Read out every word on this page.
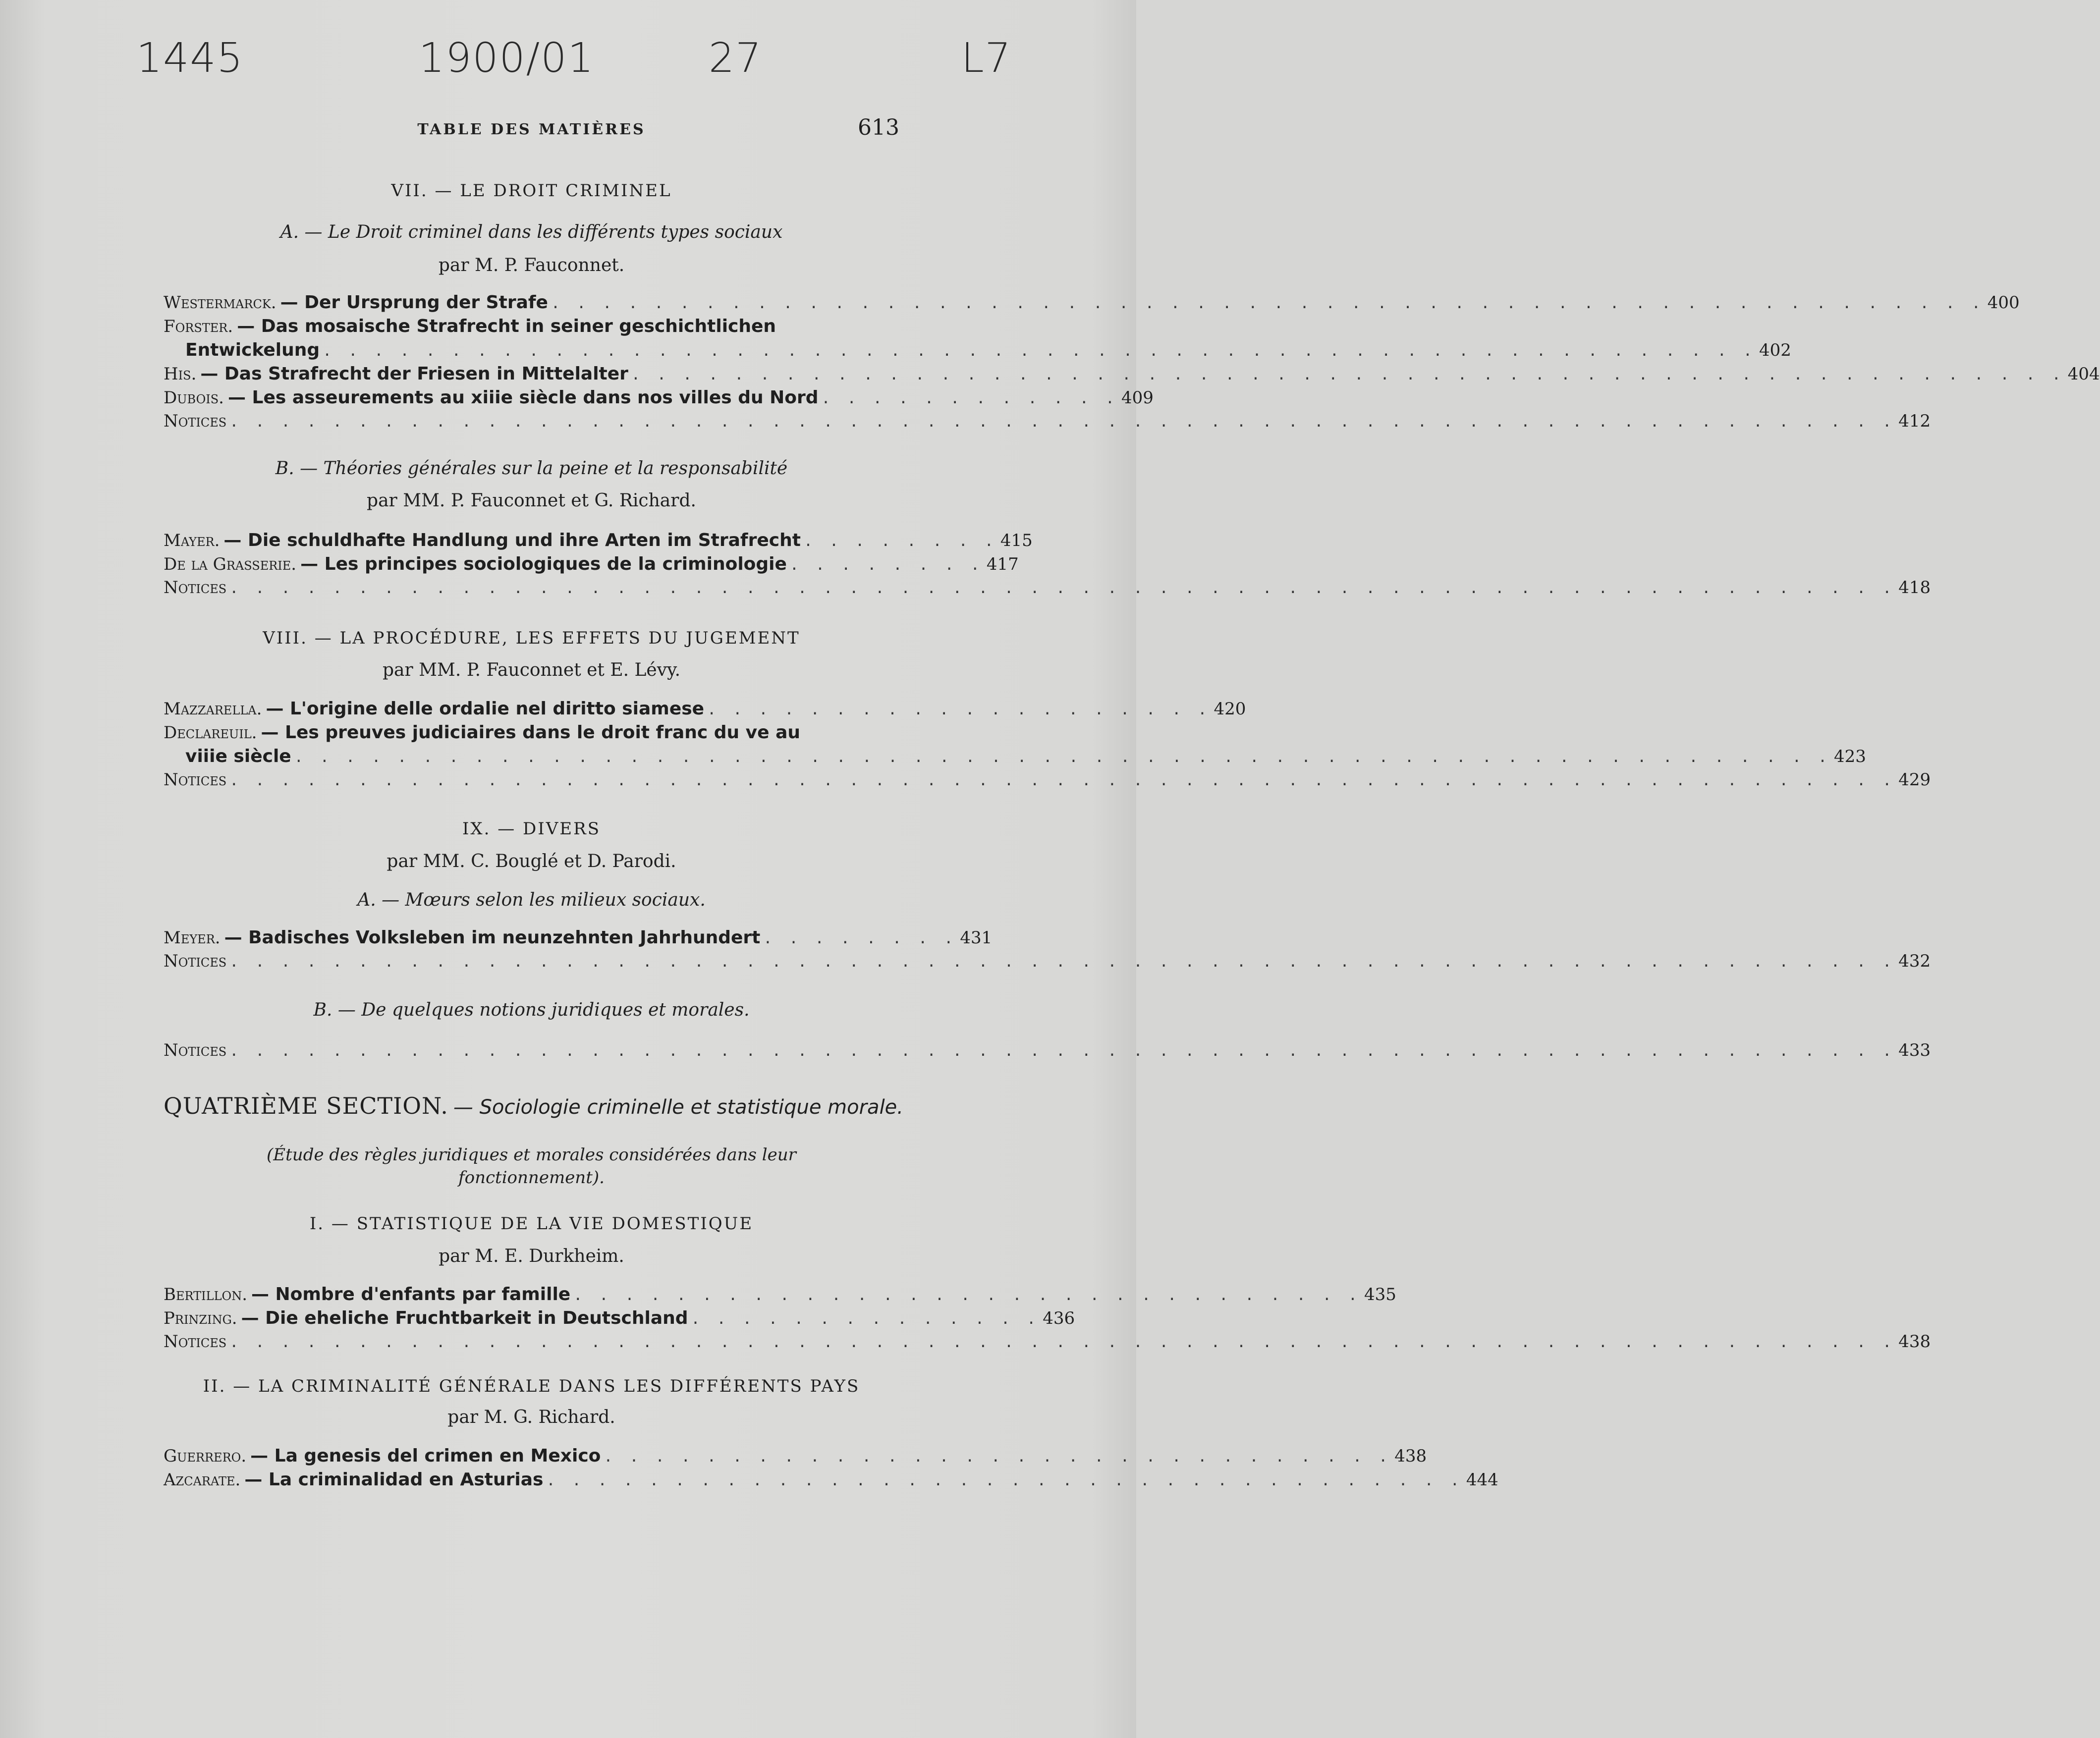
1445	1900/01	27	L7
TABLE DES MATIÈRES	613
VII. — LE DROIT CRIMINEL
A. — Le Droit criminel dans les différents types sociaux
par M. P. Fauconnet.
Westermarck. — Der Ursprung der Strafe . . . . . . . . . . . . . . . . . . . . . . . . . . . . . . . . . . . . . . . . . . . . . . . . . . . . . . . . 400
Forster. — Das mosaische Strafrecht in seiner geschichtlichen
Entwickelung . . . . . . . . . . . . . . . . . . . . . . . . . . . . . . . . . . . . . . . . . . . . . . . . . . . . . . . . 402
His. — Das Strafrecht der Friesen in Mittelalter . . . . . . . . . . . . . . . . . . . . . . . . . . . . . . . . . . . . . . . . . . . . . . . . . . . . . . . . 404
Dubois. — Les asseurements au xiiie siècle dans nos villes du Nord . . . . . . . . . . . . 409
Notices . . . . . . . . . . . . . . . . . . . . . . . . . . . . . . . . . . . . . . . . . . . . . . . . . . . . . . . . . . . . . . . . . 412
B. — Théories générales sur la peine et la responsabilité
par MM. P. Fauconnet et G. Richard.
Mayer. — Die schuldhafte Handlung und ihre Arten im Strafrecht . . . . . . . . 415
De la Grasserie. — Les principes sociologiques de la criminologie . . . . . . . . 417
Notices . . . . . . . . . . . . . . . . . . . . . . . . . . . . . . . . . . . . . . . . . . . . . . . . . . . . . . . . . . . . . . . . . 418
VIII. — LA PROCÉDURE, LES EFFETS DU JUGEMENT
par MM. P. Fauconnet et E. Lévy.
Mazzarella. — L'origine delle ordalie nel diritto siamese . . . . . . . . . . . . . . . . . . . . 420
Declareuil. — Les preuves judiciaires dans le droit franc du ve au
viiie siècle . . . . . . . . . . . . . . . . . . . . . . . . . . . . . . . . . . . . . . . . . . . . . . . . . . . . . . . . . . . . 423
Notices . . . . . . . . . . . . . . . . . . . . . . . . . . . . . . . . . . . . . . . . . . . . . . . . . . . . . . . . . . . . . . . . . 429
IX. — DIVERS
par MM. C. Bouglé et D. Parodi.
A. — Mœurs selon les milieux sociaux.
Meyer. — Badisches Volksleben im neunzehnten Jahrhundert . . . . . . . . 431
Notices . . . . . . . . . . . . . . . . . . . . . . . . . . . . . . . . . . . . . . . . . . . . . . . . . . . . . . . . . . . . . . . . . 432
B. — De quelques notions juridiques et morales.
Notices . . . . . . . . . . . . . . . . . . . . . . . . . . . . . . . . . . . . . . . . . . . . . . . . . . . . . . . . . . . . . . . . . 433
QUATRIÈME SECTION. — Sociologie criminelle et statistique morale.
(Étude des règles juridiques et morales considérées dans leur fonctionnement).
I. — STATISTIQUE DE LA VIE DOMESTIQUE
par M. E. Durkheim.
Bertillon. — Nombre d'enfants par famille . . . . . . . . . . . . . . . . . . . . . . . . . . . . . . . 435
Prinzing. — Die eheliche Fruchtbarkeit in Deutschland . . . . . . . . . . . . . . 436
Notices . . . . . . . . . . . . . . . . . . . . . . . . . . . . . . . . . . . . . . . . . . . . . . . . . . . . . . . . . . . . . . . . . 438
II. — LA CRIMINALITÉ GÉNÉRALE DANS LES DIFFÉRENTS PAYS
par M. G. Richard.
Guerrero. — La genesis del crimen en Mexico . . . . . . . . . . . . . . . . . . . . . . . . . . . . . . . 438
Azcarate. — La criminalidad en Asturias . . . . . . . . . . . . . . . . . . . . . . . . . . . . . . . . . . . . 444
